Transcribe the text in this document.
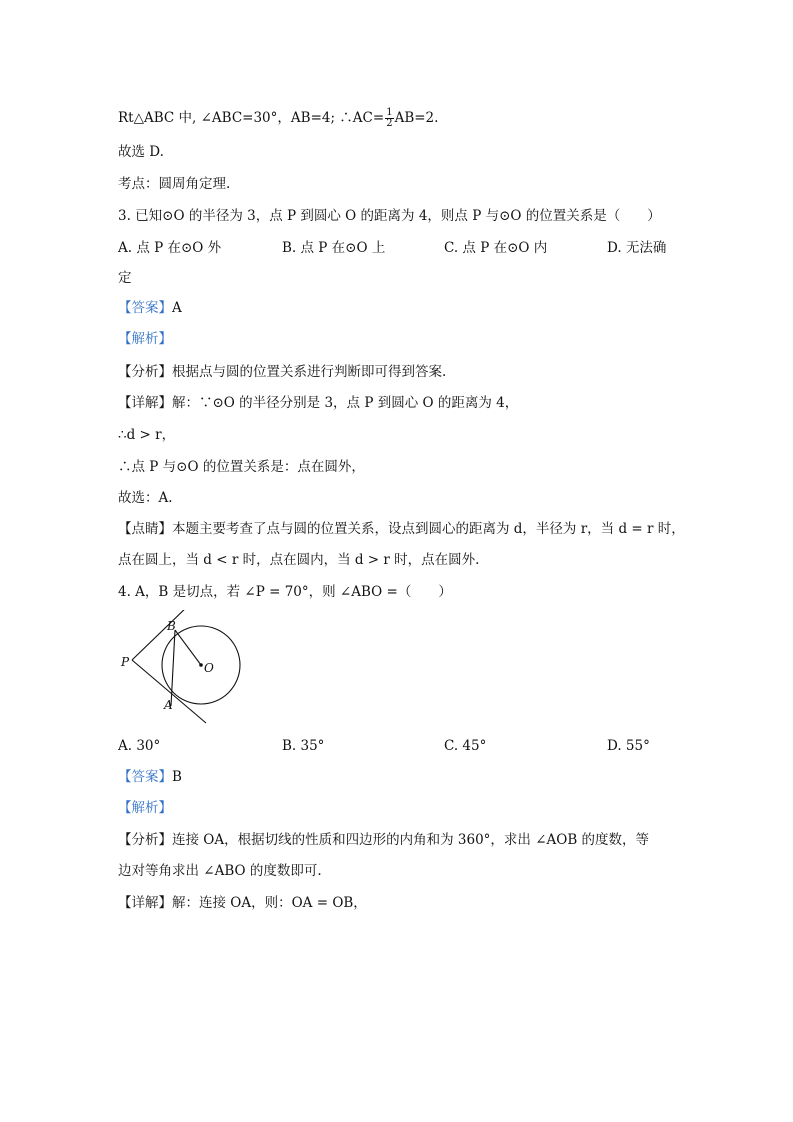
Rt△ABC 中, ∠ABC=30°，AB=4; ∴AC= $\frac{1}{2} AB=2$.
故选 D.
考点：圆周角定理.
3. 已知⊙O 的半径为 3，点 P 到圆心 O 的距离为 4，则点 P 与⊙O 的位置关系是（　　）
A. 点 P 在⊙O 外	B. 点 P 在⊙O 上	C. 点 P 在⊙O 内	D. 无法确
定
【答案】A
【解析】
【分析】根据点与圆的位置关系进行判断即可得到答案.
【详解】解：∵⊙O 的半径分别是 3，点 P 到圆心 O 的距离为 4，
∴d > r，
∴点 P 与⊙O 的位置关系是：点在圆外，
故选：A.
【点睛】本题主要考查了点与圆的位置关系，设点到圆心的距离为 d，半径为 r，当 d = r 时，
点在圆上，当 d < r 时，点在圆内，当 d > r 时，点在圆外.
4. A，B 是切点，若 ∠P = 70°，则 ∠ABO =（　　）
B
P	O
A
A. 30°	B. 35°	C. 45°	D. 55°
【答案】B
【解析】
【分析】连接 OA，根据切线的性质和四边形的内角和为 360°，求出 ∠AOB 的度数，等
边对等角求出 ∠ABO 的度数即可.
【详解】解：连接 OA，则：OA = OB，
